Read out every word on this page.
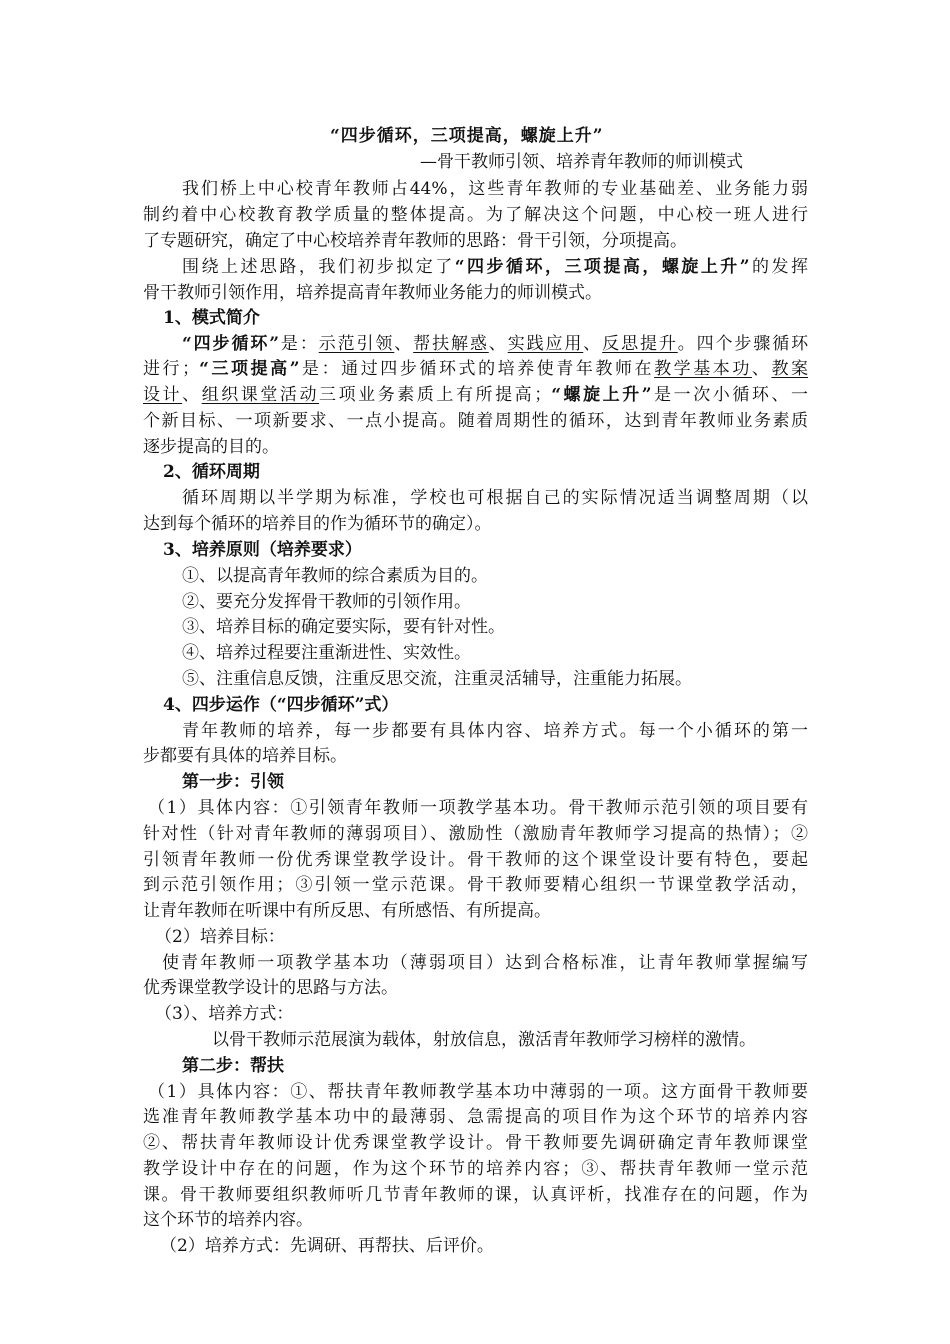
“四步循环，三项提高，螺旋上升”
—骨干教师引领、培养青年教师的师训模式
我们桥上中心校青年教师占44%，这些青年教师的专业基础差、业务能力弱
制约着中心校教育教学质量的整体提高。为了解决这个问题，中心校一班人进行
了专题研究，确定了中心校培养青年教师的思路：骨干引领，分项提高。
围绕上述思路，我们初步拟定了“四步循环，三项提高，螺旋上升”的发挥
骨干教师引领作用，培养提高青年教师业务能力的师训模式。
1、模式简介
“四步循环”是：示范引领、帮扶解惑、实践应用、反思提升。四个步骤循环
进行；“三项提高”是：通过四步循环式的培养使青年教师在教学基本功、教案
设计、组织课堂活动三项业务素质上有所提高；“螺旋上升”是一次小循环、一
个新目标、一项新要求、一点小提高。随着周期性的循环，达到青年教师业务素质
逐步提高的目的。
2、循环周期
循环周期以半学期为标准，学校也可根据自己的实际情况适当调整周期（以
达到每个循环的培养目的作为循环节的确定）。
3、培养原则（培养要求）
①、以提高青年教师的综合素质为目的。
②、要充分发挥骨干教师的引领作用。
③、培养目标的确定要实际，要有针对性。
④、培养过程要注重渐进性、实效性。
⑤、注重信息反馈，注重反思交流，注重灵活辅导，注重能力拓展。
4、四步运作（“四步循环”式）
青年教师的培养，每一步都要有具体内容、培养方式。每一个小循环的第一
步都要有具体的培养目标。
第一步：引领
（1）具体内容：①引领青年教师一项教学基本功。骨干教师示范引领的项目要有
针对性（针对青年教师的薄弱项目）、激励性（激励青年教师学习提高的热情）；②
引领青年教师一份优秀课堂教学设计。骨干教师的这个课堂设计要有特色，要起
到示范引领作用；③引领一堂示范课。骨干教师要精心组织一节课堂教学活动，
让青年教师在听课中有所反思、有所感悟、有所提高。
（2）培养目标：
使青年教师一项教学基本功（薄弱项目）达到合格标准，让青年教师掌握编写
优秀课堂教学设计的思路与方法。
（3）、培养方式：
以骨干教师示范展演为载体，射放信息，激活青年教师学习榜样的激情。
第二步：帮扶
（1）具体内容：①、帮扶青年教师教学基本功中薄弱的一项。这方面骨干教师要
选准青年教师教学基本功中的最薄弱、急需提高的项目作为这个环节的培养内容
②、帮扶青年教师设计优秀课堂教学设计。骨干教师要先调研确定青年教师课堂
教学设计中存在的问题，作为这个环节的培养内容；③、帮扶青年教师一堂示范
课。骨干教师要组织教师听几节青年教师的课，认真评析，找准存在的问题，作为
这个环节的培养内容。
（2）培养方式：先调研、再帮扶、后评价。
